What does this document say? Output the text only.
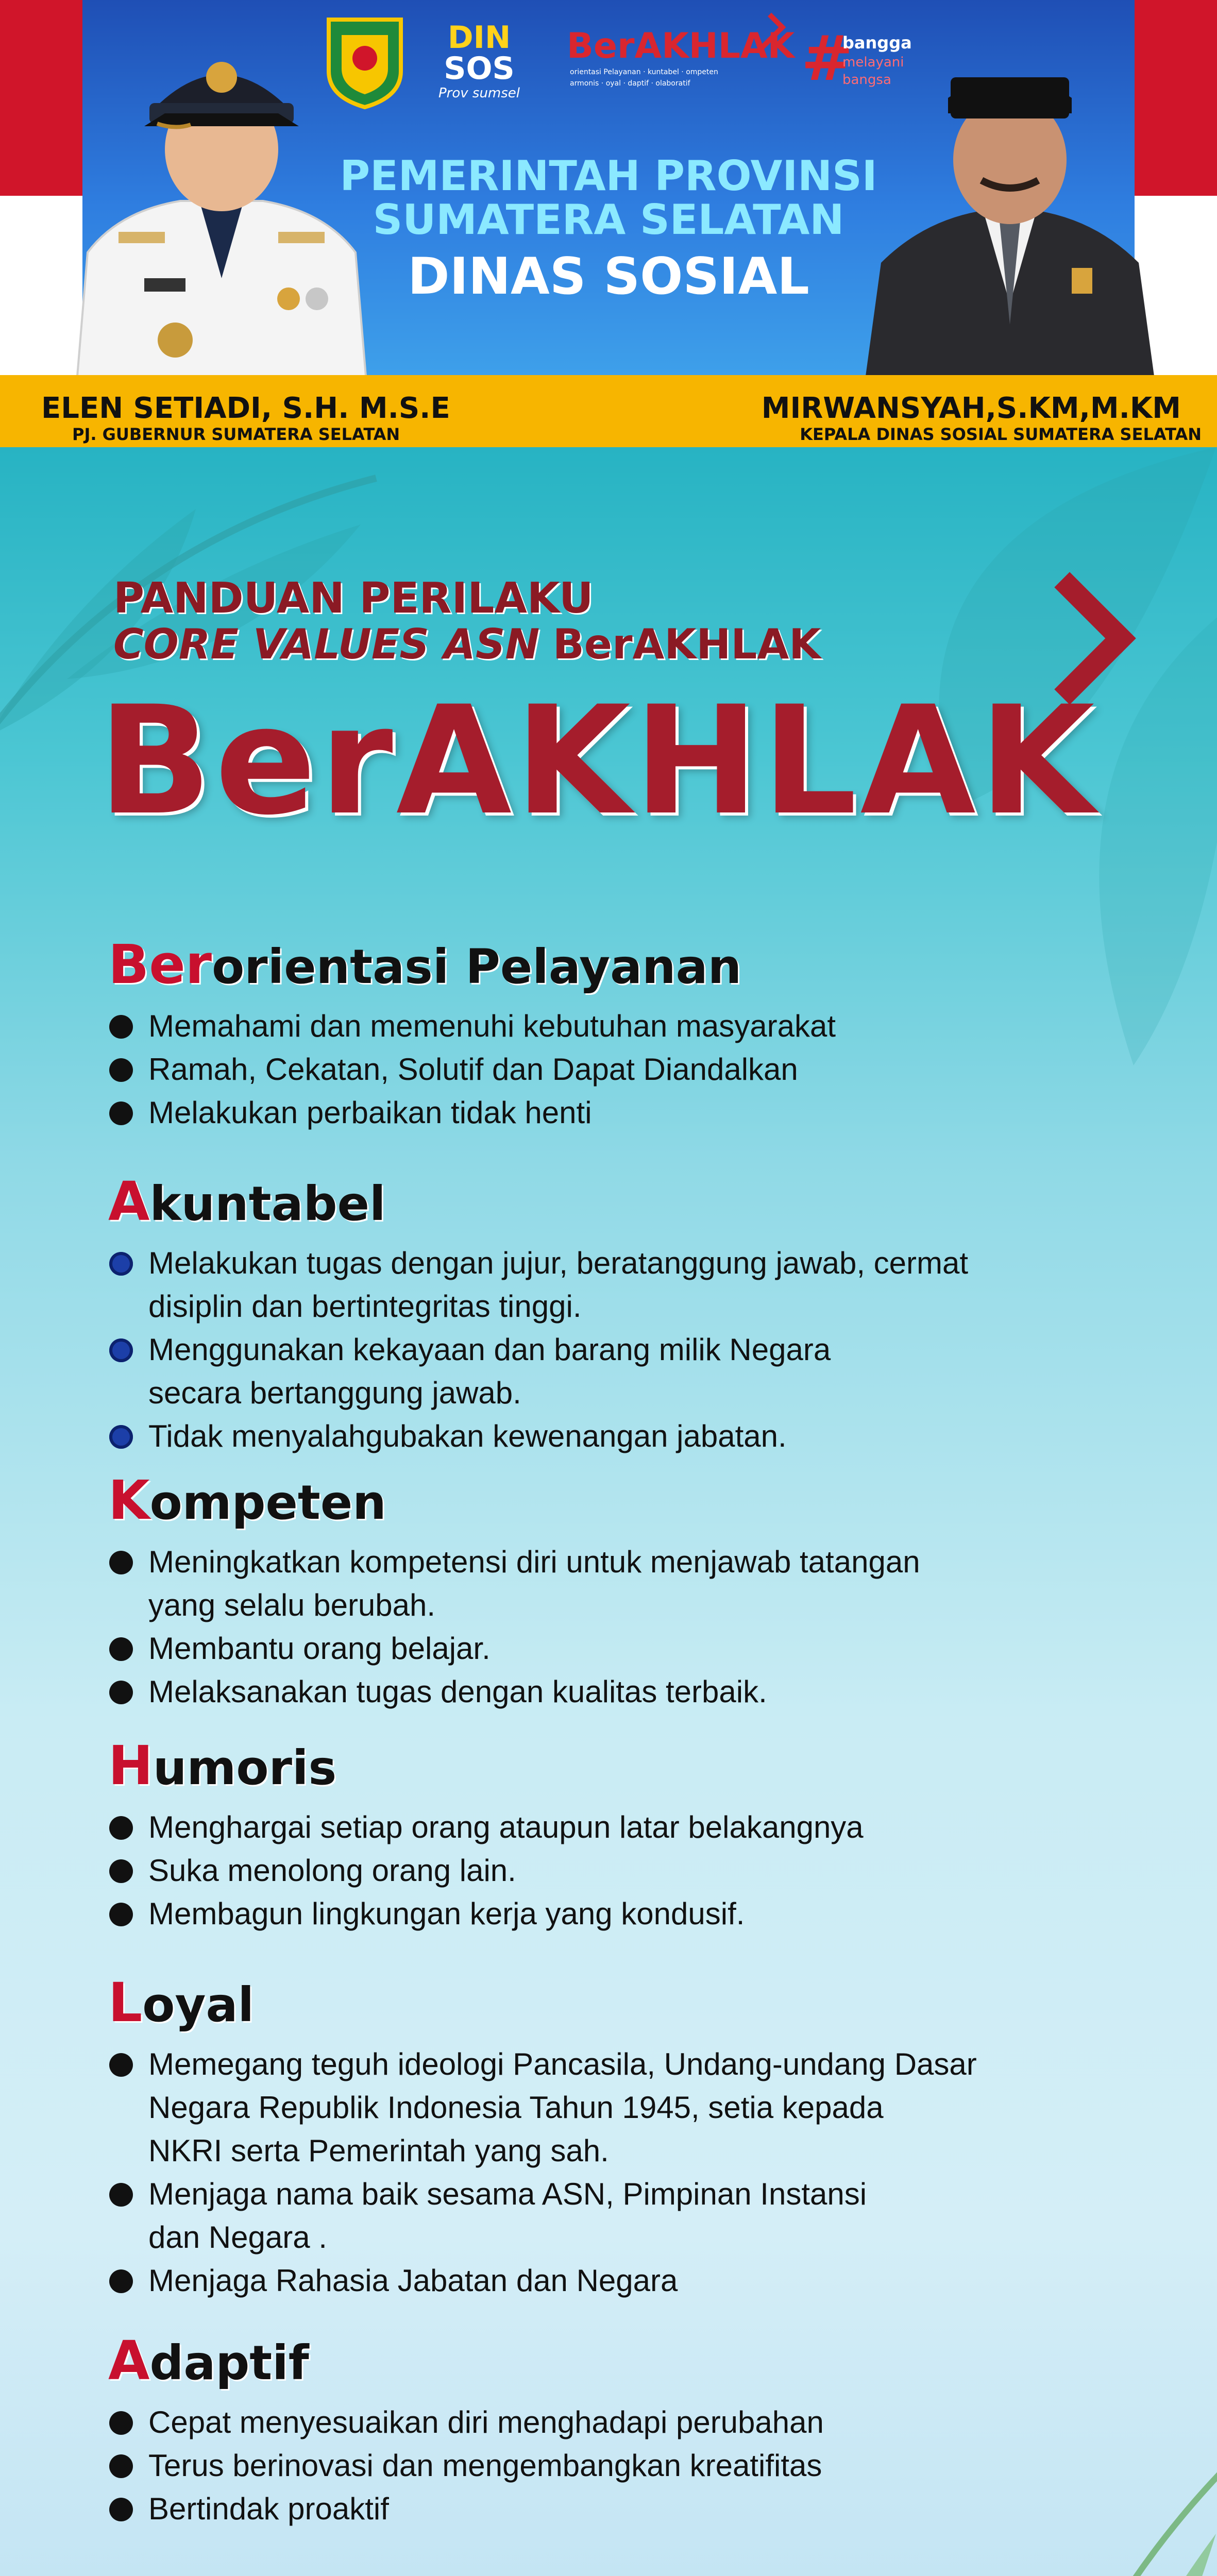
DIN
SOS
Prov sumsel
BerAKHLAK
orientasi Pelayanan · kuntabel · ompeten
armonis · oyal · daptif · olaboratif #
bangga
melayani
bangsa
PEMERINTAH PROVINSI
SUMATERA SELATAN
DINAS SOSIAL
ELEN SETIADI, S.H. M.S.E
PJ. GUBERNUR SUMATERA SELATAN
MIRWANSYAH,S.KM,M.KM
KEPALA DINAS SOSIAL SUMATERA SELATAN
PANDUAN PERILAKU
CORE VALUES ASN BerAKHLAK
BerAKHLAK
Berorientasi Pelayanan
Memahami dan memenuhi kebutuhan masyarakat
Ramah, Cekatan, Solutif dan Dapat Diandalkan
Melakukan perbaikan tidak henti
Akuntabel
Melakukan tugas dengan jujur, beratanggung jawab, cermat
disiplin dan bertintegritas tinggi.
Menggunakan kekayaan dan barang milik Negara
secara bertanggung jawab.
Tidak menyalahgubakan kewenangan jabatan.
Kompeten
Meningkatkan kompetensi diri untuk menjawab tatangan
yang selalu berubah.
Membantu orang belajar.
Melaksanakan tugas dengan kualitas terbaik.
Humoris
Menghargai setiap orang ataupun latar belakangnya
Suka menolong orang lain.
Membagun lingkungan kerja yang kondusif.
Loyal
Memegang teguh ideologi Pancasila, Undang-undang Dasar
Negara Republik Indonesia Tahun 1945, setia kepada
NKRI serta Pemerintah yang sah.
Menjaga nama baik sesama ASN, Pimpinan Instansi
dan Negara .
Menjaga Rahasia Jabatan dan Negara
Adaptif
Cepat menyesuaikan diri menghadapi perubahan
Terus berinovasi dan mengembangkan kreatifitas
Bertindak proaktif
